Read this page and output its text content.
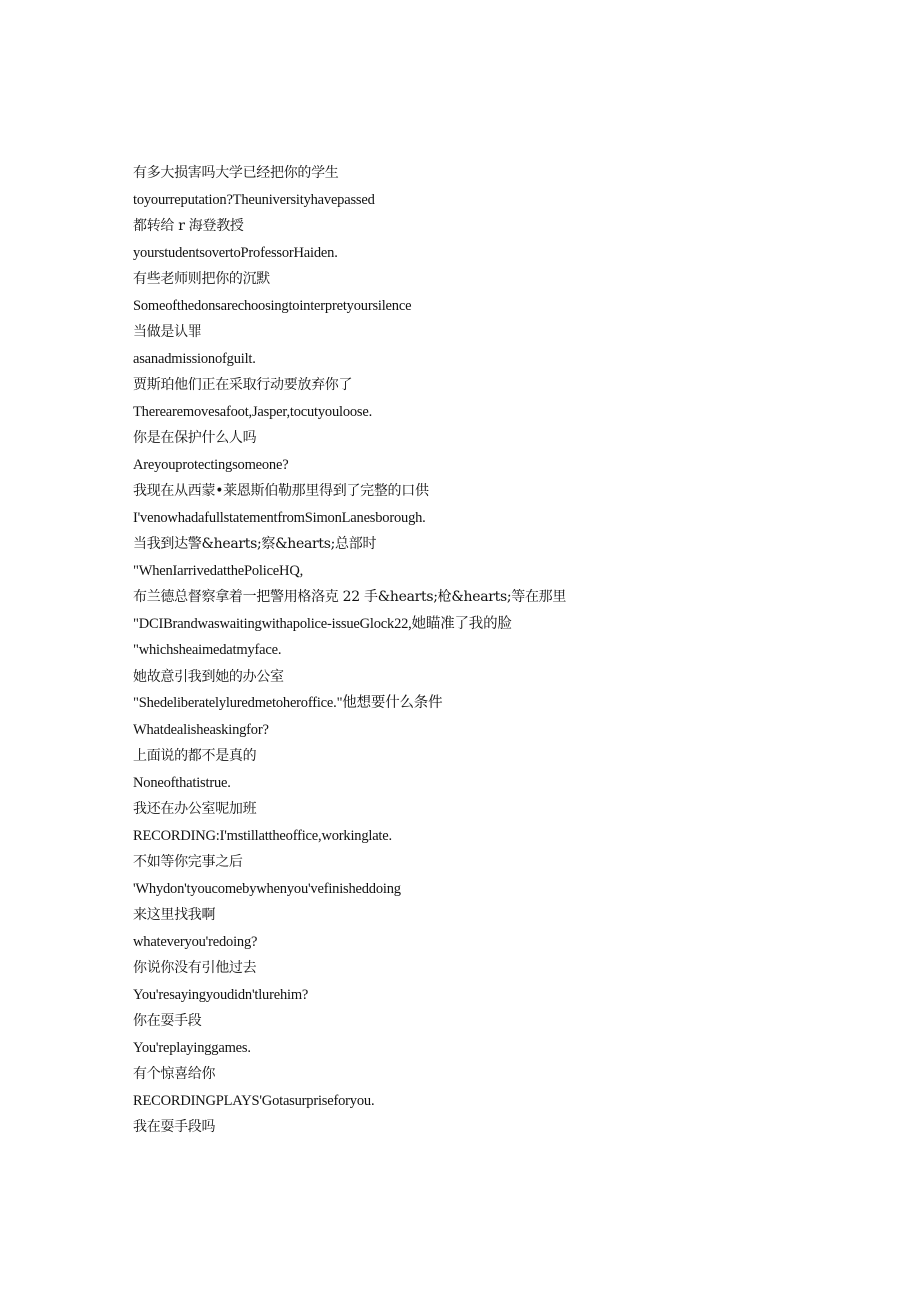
有多大损害吗大学已经把你的学生
toyourreputation?Theuniversityhavepassed
都转给 r 海登教授
yourstudentsovertoProfessorHaiden.
有些老师则把你的沉默
Someofthedonsarechoosingtointerpretyoursilence
当做是认罪
asanadmissionofguilt.
贾斯珀他们正在采取行动要放弃你了
Therearemovesafoot,Jasper,tocutyouloose.
你是在保护什么人吗
Areyouprotectingsomeone?
我现在从西蒙•莱恩斯伯勒那里得到了完整的口供
I'venowhadafullstatementfromSimonLanesborough.
当我到达警&hearts;察&hearts;总部时
"WhenIarrivedatthePoliceHQ,
布兰德总督察拿着一把警用格洛克 22 手&hearts;枪&hearts;等在那里
"DCIBrandwaswaitingwithapolice-issueGlock22,她瞄准了我的脸
"whichsheaimedatmyface.
她故意引我到她的办公室
"Shedeliberatelyluredmetoheroffice."他想要什么条件
Whatdealisheaskingfor?
上面说的都不是真的
Noneofthatistrue.
我还在办公室呢加班
RECORDING:I'mstillattheoffice,workinglate.
不如等你完事之后
'Whydon'tyoucomebywhenyou'vefinisheddoing
来这里找我啊
whateveryou'redoing?
你说你没有引他过去
You'resayingyoudidn'tlurehim?
你在耍手段
You'replayinggames.
有个惊喜给你
RECORDINGPLAYS'Gotasurpriseforyou.
我在耍手段吗
